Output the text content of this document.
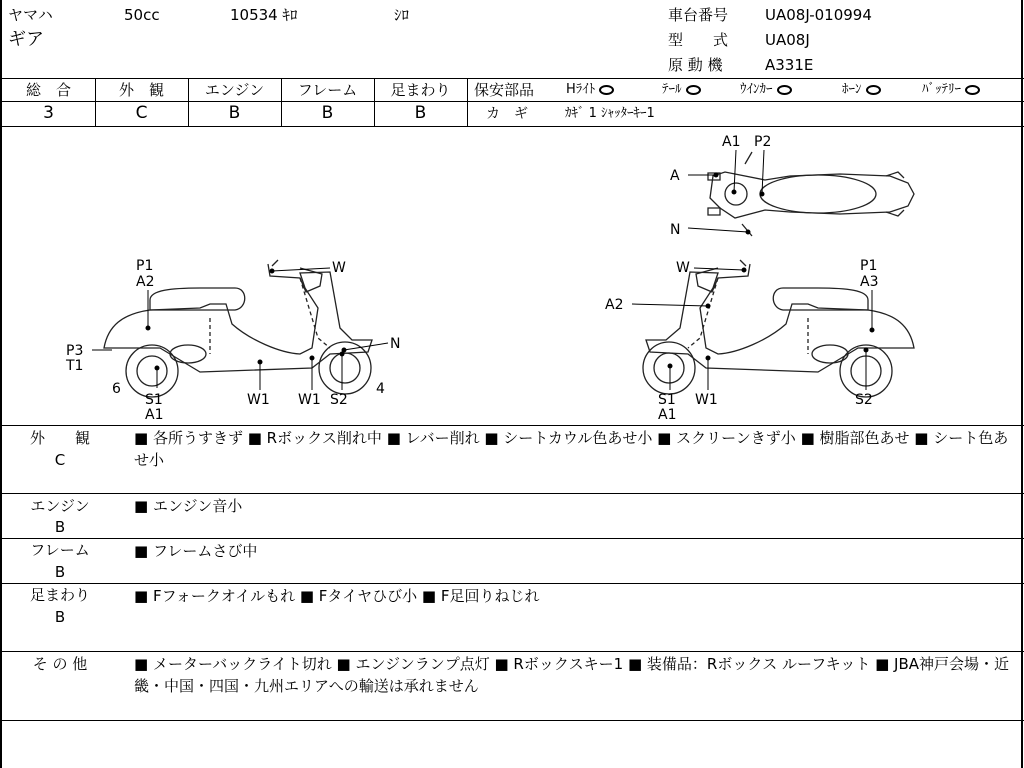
ヤマハ	50cc	10534 ｷﾛ	ｼﾛ
ギア
車台番号 UA08J-010994
型　　式 UA08J
原 動 機	A331E
総　合	外　観	エンジン	フレーム	足まわり
3	C	B	B	B
保安部品 Hﾗｲﾄ	ﾃｰﾙ	ｳｲﾝｶｰ	ﾎｰﾝ	ﾊﾞｯﾃﾘｰ
カ　ギ	ｶｷﾞ 1 ｼｬｯﾀｰｷｰ1
A
A1 P2
N
P1
A2
W
N
P3
T1
6	4
S1
A1
W1 W1 S2
W	P1
A3
A2
S1
A1
W1	S2
外　　観
C
■ 各所うすきず ■ Rボックス削れ中 ■ レバー削れ ■ シートカウル色あせ小 ■ スクリーンきず小 ■ 樹脂部色あせ ■ シート色あせ小
エンジン
B
■ エンジン音小
フレーム
B
■ フレームさび中
足まわり
B
■ Fフォークオイルもれ ■ Fタイヤひび小 ■ F足回りねじれ
そ の 他	■ メーターバックライト切れ ■ エンジンランプ点灯 ■ Rボックスキー1 ■ 装備品：Rボックス ルーフキット ■ JBA神戸会場・近畿・中国・四国・九州エリアへの輸送は承れません
